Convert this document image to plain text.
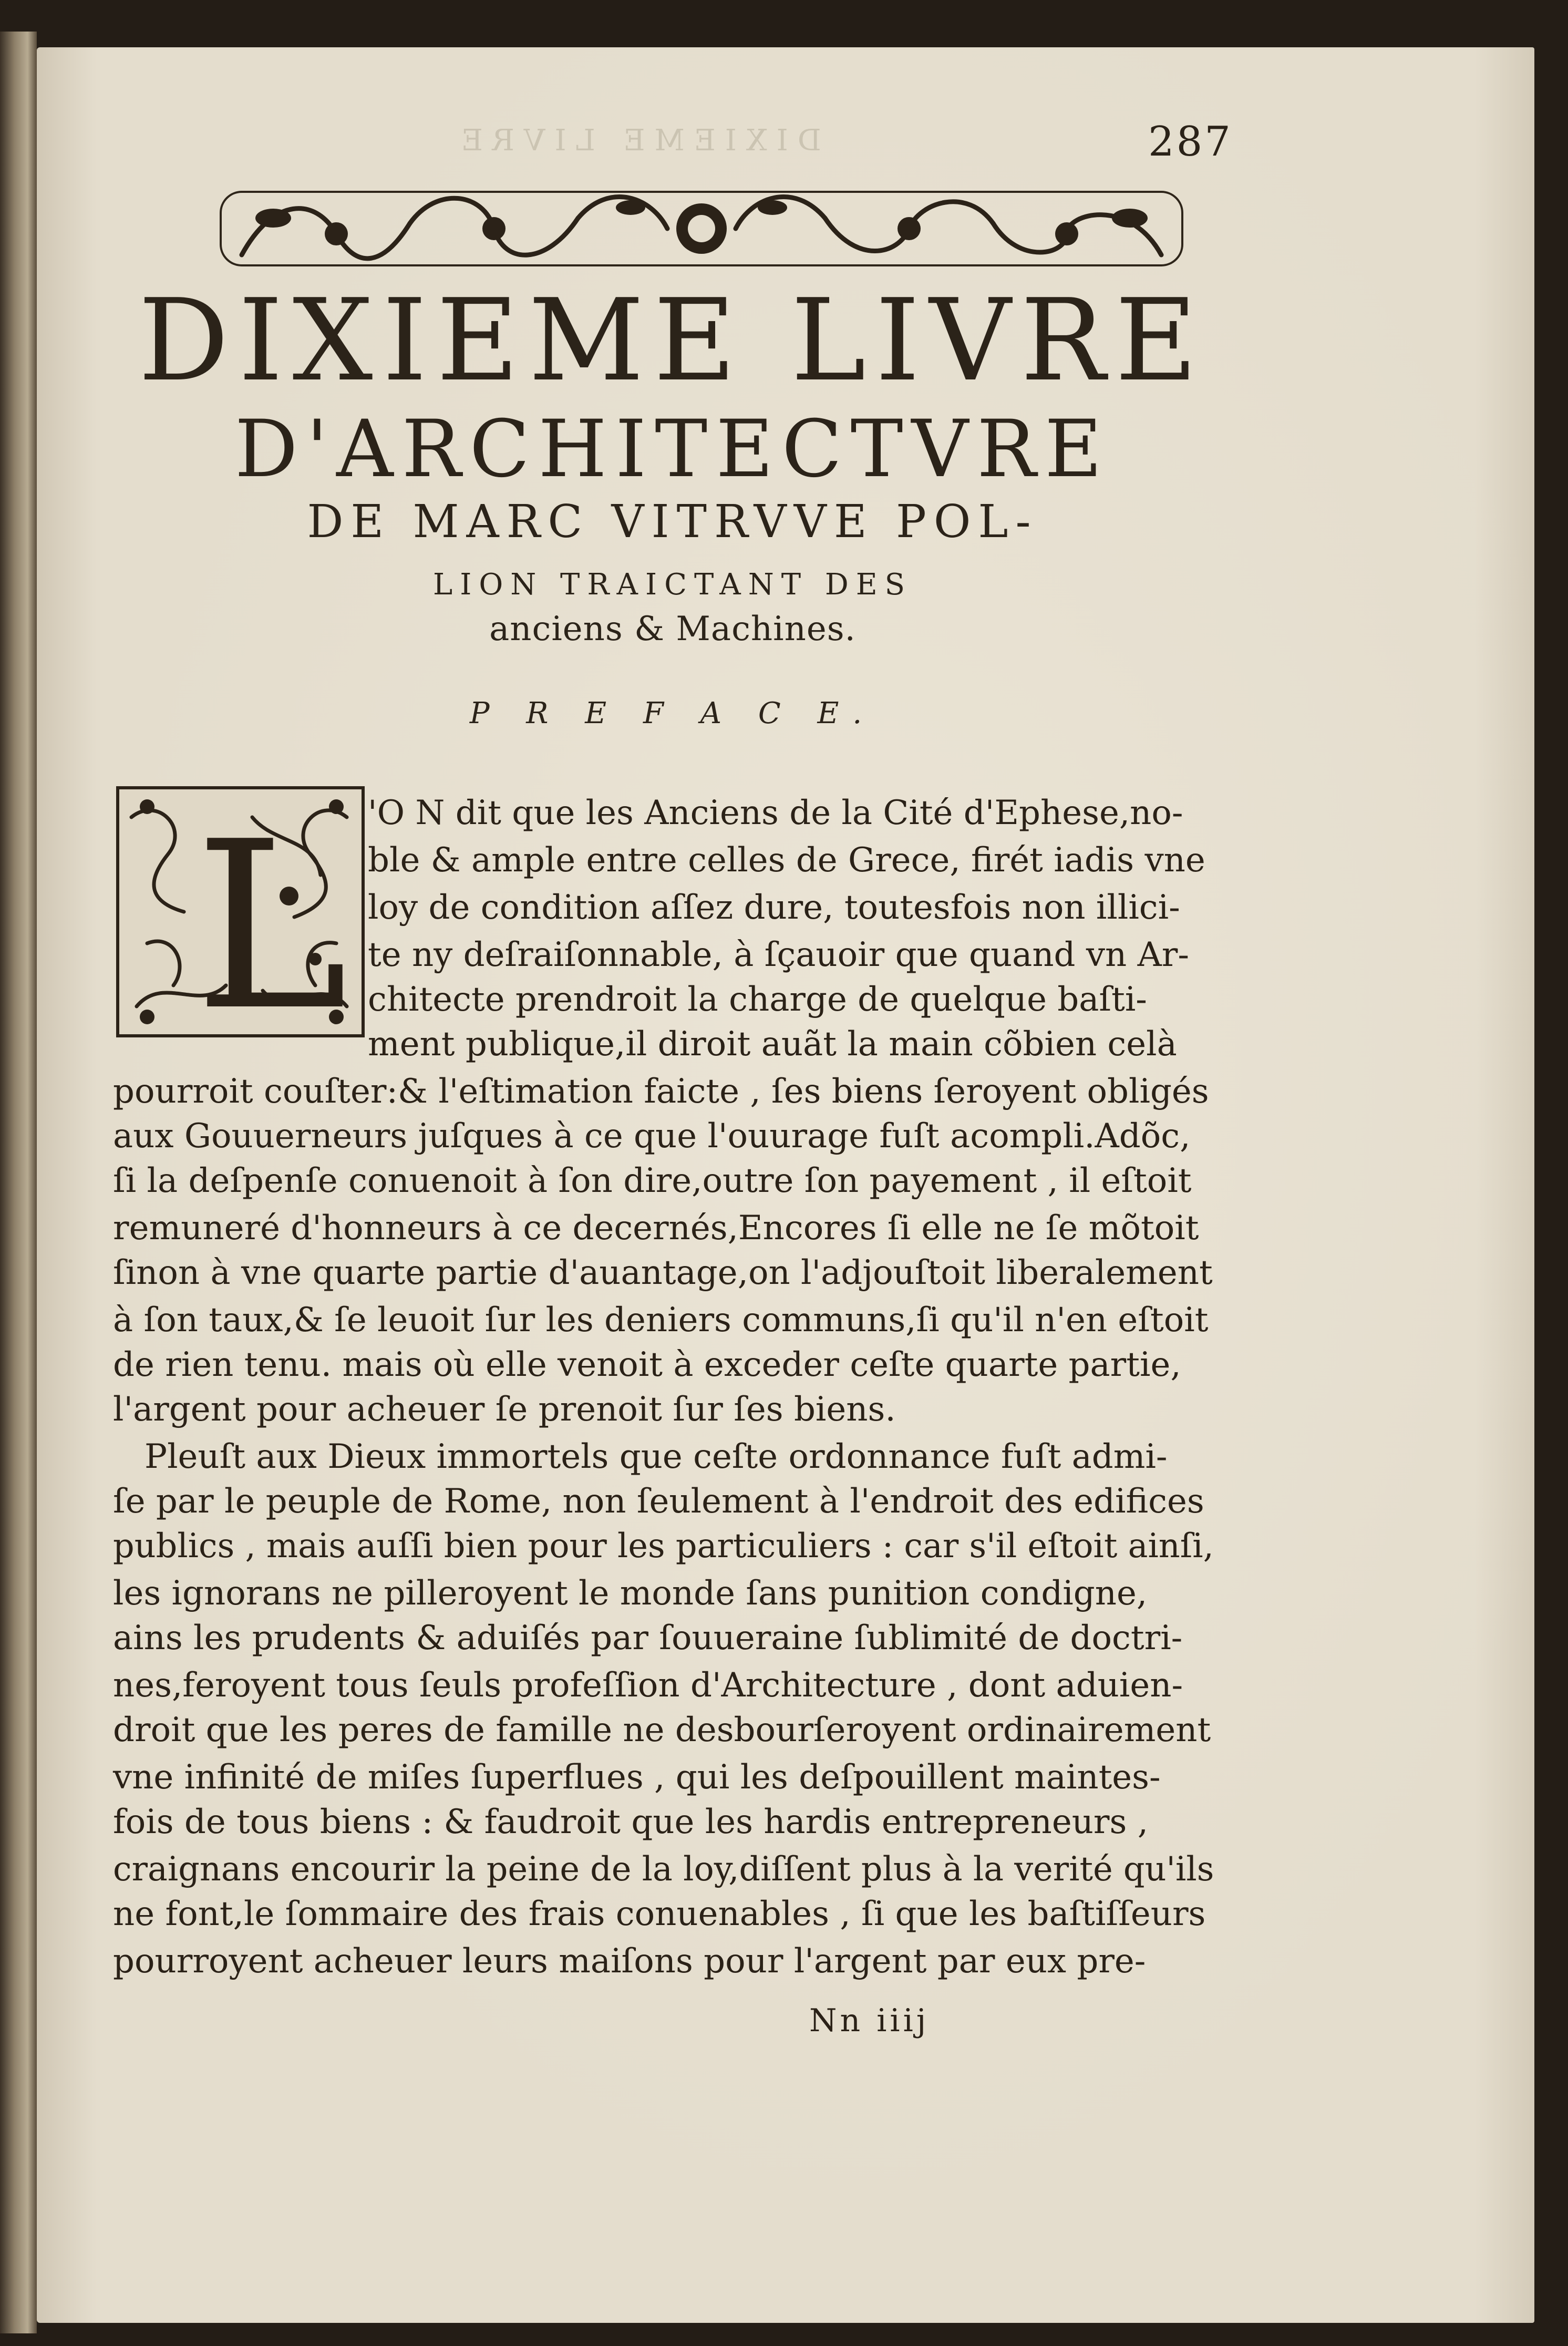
DIXIEME LIVRE	287
DIXIEME LIVRE
D'ARCHITECTVRE
DE MARC VITRVVE POL-
LION TRAICTANT DES
anciens & Machines.
P R E F A C E.
L 'O N dit que les Anciens de la Cité d'Ephese,no-
ble & ample entre celles de Grece, firét iadis vne
loy de condition aſſez dure, toutesfois non illici-
te ny deſraiſonnable, à ſçauoir que quand vn Ar-
chitecte prendroit la charge de quelque baſti-
ment publique,il diroit auãt la main cõbien celà
pourroit couſter:& l'eſtimation faicte , ſes biens ſeroyent obligés
aux Gouuerneurs juſques à ce que l'ouurage fuſt acompli.Adõc,
ſi la deſpenſe conuenoit à ſon dire,outre ſon payement , il eſtoit
remuneré d'honneurs à ce decernés,Encores ſi elle ne ſe mõtoit
ſinon à vne quarte partie d'auantage,on l'adjouſtoit liberalement
à ſon taux,& ſe leuoit ſur les deniers communs,ſi qu'il n'en eſtoit
de rien tenu. mais où elle venoit à exceder ceſte quarte partie,
l'argent pour acheuer ſe prenoit ſur ſes biens.
Pleuſt aux Dieux immortels que ceſte ordonnance fuſt admi-
ſe par le peuple de Rome, non ſeulement à l'endroit des edifices
publics , mais auſſi bien pour les particuliers : car s'il eſtoit ainſi,
les ignorans ne pilleroyent le monde ſans punition condigne,
ains les prudents & aduiſés par ſouueraine ſublimité de doctri-
nes,feroyent tous ſeuls profeſſion d'Architecture , dont aduien-
droit que les peres de famille ne desbourſeroyent ordinairement
vne infinité de miſes ſuperflues , qui les deſpouillent maintes-
fois de tous biens : & faudroit que les hardis entrepreneurs ,
craignans encourir la peine de la loy,diſſent plus à la verité qu'ils
ne font,le ſommaire des frais conuenables , ſi que les baſtiſſeurs
pourroyent acheuer leurs maiſons pour l'argent par eux pre-
Nn iiij
